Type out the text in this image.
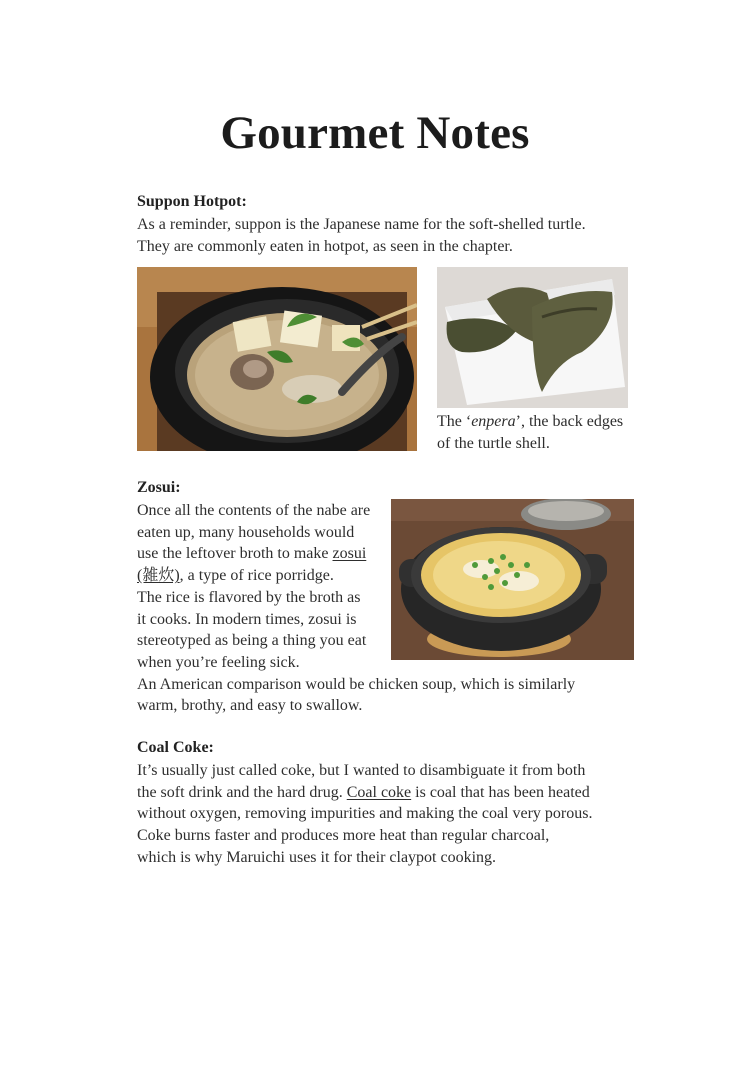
Gourmet Notes
Suppon Hotpot:

As a reminder, suppon is the Japanese name for the soft-shelled turtle.

They are commonly eaten in hotpot, as seen in the chapter.

The ‘enpera’, the back edges
of the turtle shell.
Zosui:

Once all the contents of the nabe are

eaten up, many households would

use the leftover broth to make zosui

(雑炊), a type of rice porridge.

The rice is flavored by the broth as

it cooks. In modern times, zosui is

stereotyped as being a thing you eat

when you’re feeling sick.

An American comparison would be chicken soup, which is similarly

warm, brothy, and easy to swallow.

Coal Coke:

It’s usually just called coke, but I wanted to disambiguate it from both

the soft drink and the hard drug. Coal coke is coal that has been heated

without oxygen, removing impurities and making the coal very porous.

Coke burns faster and produces more heat than regular charcoal,

which is why Maruichi uses it for their claypot cooking.
